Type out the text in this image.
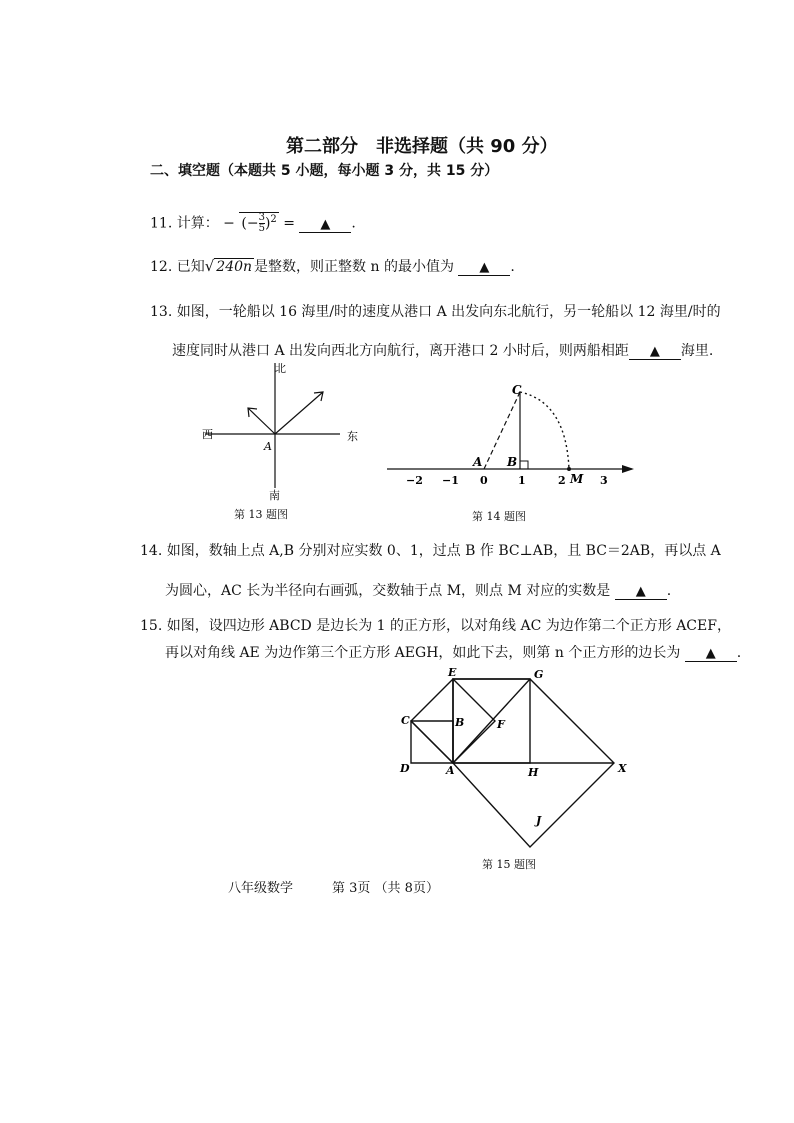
第二部分　非选择题（共 90 分）
二、填空题（本题共 5 小题，每小题 3 分，共 15 分）
11. 计算： − (− $\frac{3}{5} )^2$ = ▲ .
12. 已知√ 240n 是整数，则正整数 n 的最小值为 ▲ .
13. 如图，一轮船以 16 海里/时的速度从港口 A 出发向东北航行，另一轮船以 12 海里/时的
速度同时从港口 A 出发向西北方向航行，离开港口 2 小时后，则两船相距 ▲ 海里.
北
南
西	东
A
第 13 题图
C
A B
M
−2 −1 0	1	2	3
第 14 题图
14. 如图，数轴上点 A,B 分别对应实数 0、1，过点 B 作 BC⊥AB，且 BC＝2AB，再以点 A
为圆心，AC 长为半径向右画弧，交数轴于点 M，则点 M 对应的实数是 ▲ .
15. 如图，设四边形 ABCD 是边长为 1 的正方形，以对角线 AC 为边作第二个正方形 ACEF，
再以对角线 AE 为边作第三个正方形 AEGH，如此下去，则第 n 个正方形的边长为 ▲ .
E	G
C	B	F
D	A	H	X
J
第 15 题图
八年级数学	第 3页 （共 8页）
